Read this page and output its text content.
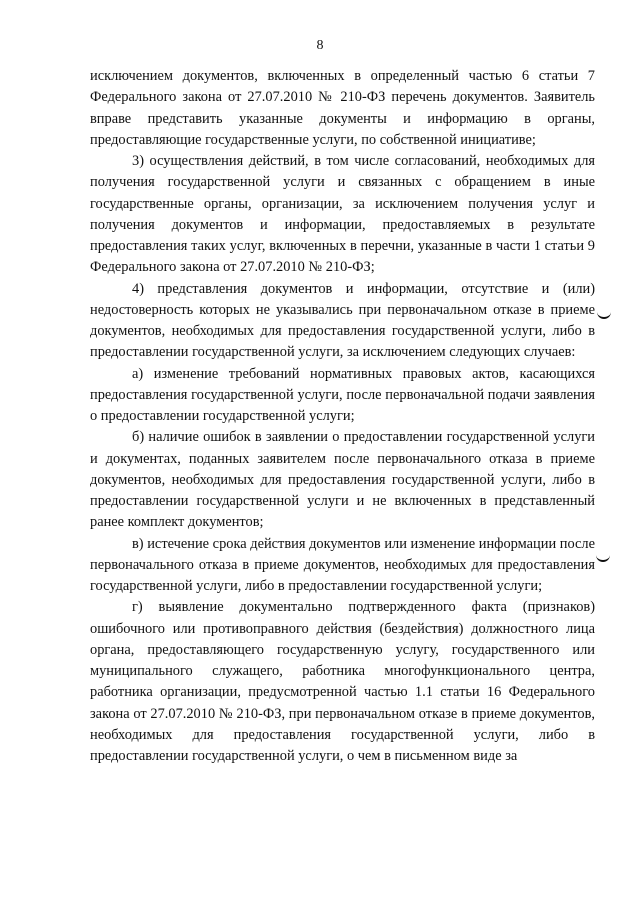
8

исключением документов, включенных в определенный частью 6 статьи 7 Федерального закона от 27.07.2010 № 210-ФЗ перечень документов. Заявитель вправе представить указанные документы и информацию в органы, предоставляющие государственные услуги, по собственной инициативе;

3) осуществления действий, в том числе согласований, необходимых для получения государственной услуги и связанных с обращением в иные государственные органы, организации, за исключением получения услуг и получения документов и информации, предоставляемых в результате предоставления таких услуг, включенных в перечни, указанные в части 1 статьи 9 Федерального закона от 27.07.2010 № 210-ФЗ;

4) представления документов и информации, отсутствие и (или) недостоверность которых не указывались при первоначальном отказе в приеме документов, необходимых для предоставления государственной услуги, либо в предоставлении государственной услуги, за исключением следующих случаев:

а) изменение требований нормативных правовых актов, касающихся предоставления государственной услуги, после первоначальной подачи заявления о предоставлении государственной услуги;

б) наличие ошибок в заявлении о предоставлении государственной услуги и документах, поданных заявителем после первоначального отказа в приеме документов, необходимых для предоставления государственной услуги, либо в предоставлении государственной услуги и не включенных в представленный ранее комплект документов;

в) истечение срока действия документов или изменение информации после первоначального отказа в приеме документов, необходимых для предоставления государственной услуги, либо в предоставлении государственной услуги;

г) выявление документально подтвержденного факта (признаков) ошибочного или противоправного действия (бездействия) должностного лица органа, предоставляющего государственную услугу, государственного или муниципального служащего, работника многофункционального центра, работника организации, предусмотренной частью 1.1 статьи 16 Федерального закона от 27.07.2010 № 210-ФЗ, при первоначальном отказе в приеме документов, необходимых для предоставления государственной услуги, либо в предоставлении государственной услуги, о чем в письменном виде за
